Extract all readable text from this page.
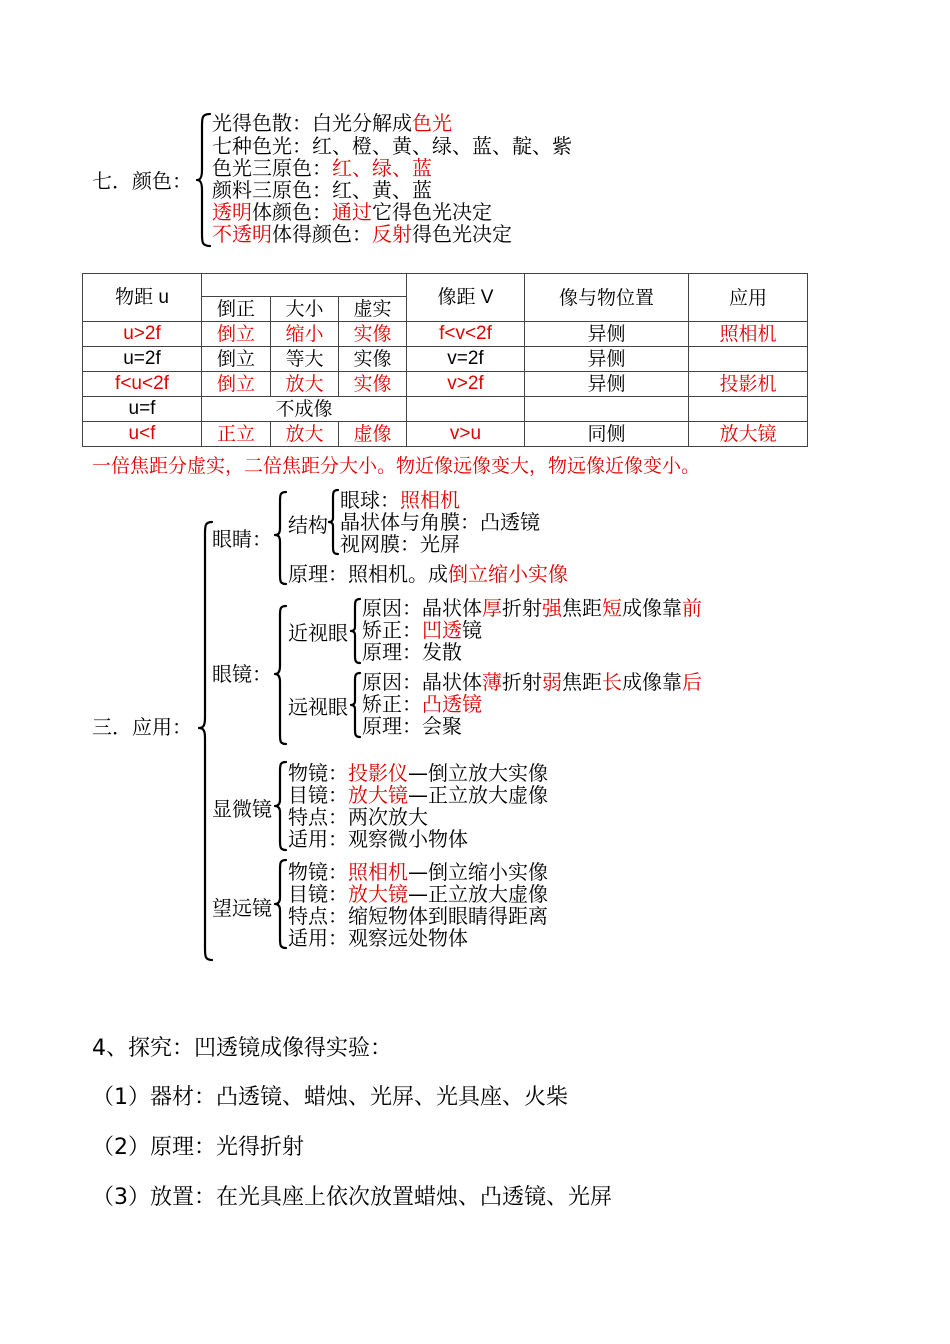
七．颜色：
光得色散：白光分解成色光
七种色光：红、橙、黄、绿、蓝、靛、紫
色光三原色：红、绿、蓝
颜料三原色：红、黄、蓝
透明体颜色：通过它得色光决定
不透明体得颜色：反射得色光决定
物距 u				像距 V	像与物位置	应用
	倒正	大小	虚实			
u>2f	倒立	缩小	实像	f<v<2f	异侧	照相机
u=2f	倒立	等大	实像	v=2f	异侧	
f<u<2f	倒立	放大	实像	v>2f	异侧	投影机
u=f	不成像					
u<f	正立	放大	虚像	v>u	同侧	放大镜
一倍焦距分虚实，二倍焦距分大小。物近像远像变大，物远像近像变小。
三．应用：
眼睛：
结构
眼球：照相机
晶状体与角膜：凸透镜
视网膜：光屏
原理：照相机。成倒立缩小实像
眼镜：
近视眼
原因：晶状体厚折射强焦距短成像靠前
矫正：凹透镜
原理：发散
远视眼
原因：晶状体薄折射弱焦距长成像靠后
矫正：凸透镜
原理：会聚
显微镜
物镜：投影仪—倒立放大实像
目镜：放大镜—正立放大虚像
特点：两次放大
适用：观察微小物体
望远镜
物镜：照相机—倒立缩小实像
目镜：放大镜—正立放大虚像
特点：缩短物体到眼睛得距离
适用：观察远处物体
4、探究：凹透镜成像得实验：
（1）器材：凸透镜、蜡烛、光屏、光具座、火柴
（2）原理：光得折射
（3）放置：在光具座上依次放置蜡烛、凸透镜、光屏
